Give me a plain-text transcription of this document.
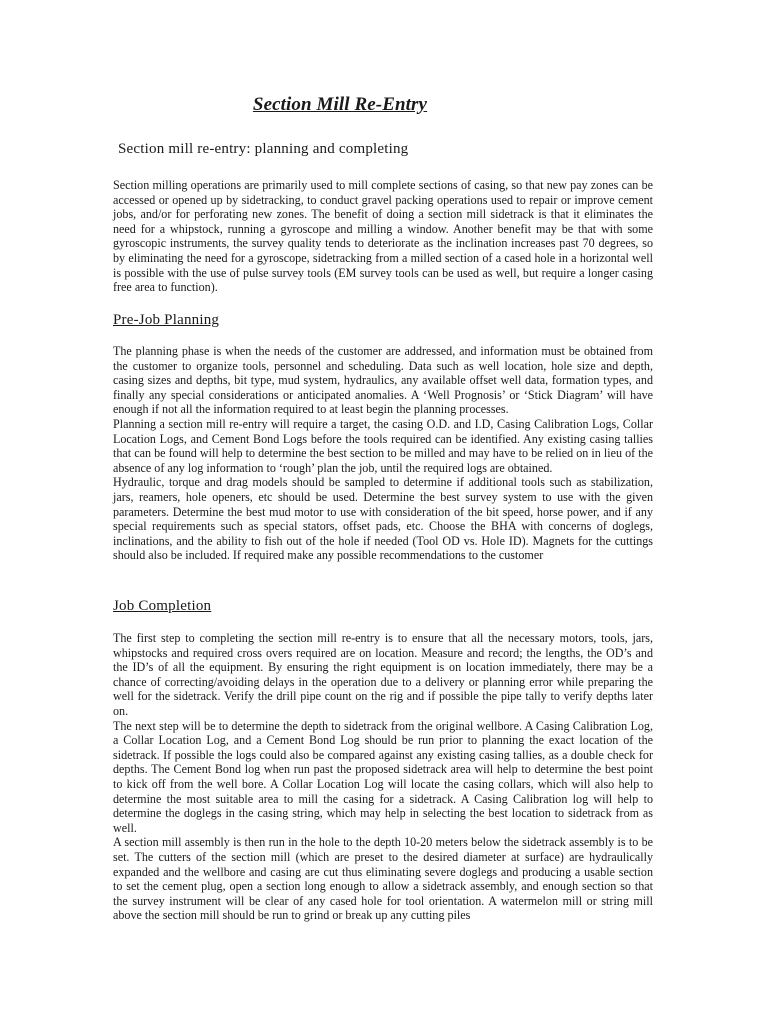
Section Mill Re-Entry
Section mill re-entry: planning and completing

Section milling operations are primarily used to mill complete sections of casing, so that new pay zones can be accessed or opened up by sidetracking, to conduct gravel packing operations used to repair or improve cement jobs, and/or for perforating new zones. The benefit of doing a section mill sidetrack is that it eliminates the need for a whipstock, running a gyroscope and milling a window. Another benefit may be that with some gyroscopic instruments, the survey quality tends to deteriorate as the inclination increases past 70 degrees, so by eliminating the need for a gyroscope, sidetracking from a milled section of a cased hole in a horizontal well is possible with the use of pulse survey tools (EM survey tools can be used as well, but require a longer casing free area to function).

Pre-Job Planning

The planning phase is when the needs of the customer are addressed, and information must be obtained from the customer to organize tools, personnel and scheduling. Data such as well location, hole size and depth, casing sizes and depths, bit type, mud system, hydraulics, any available offset well data, formation types, and finally any special considerations or anticipated anomalies. A ‘Well Prognosis’ or ‘Stick Diagram’ will have enough if not all the information required to at least begin the planning processes.

Planning a section mill re-entry will require a target, the casing O.D. and I.D, Casing Calibration Logs, Collar Location Logs, and Cement Bond Logs before the tools required can be identified. Any existing casing tallies that can be found will help to determine the best section to be milled and may have to be relied on in lieu of the absence of any log information to ‘rough’ plan the job, until the required logs are obtained.

Hydraulic, torque and drag models should be sampled to determine if additional tools such as stabilization, jars, reamers, hole openers, etc should be used. Determine the best survey system to use with the given parameters. Determine the best mud motor to use with consideration of the bit speed, horse power, and if any special requirements such as special stators, offset pads, etc. Choose the BHA with concerns of doglegs, inclinations, and the ability to fish out of the hole if needed (Tool OD vs. Hole ID). Magnets for the cuttings should also be included. If required make any possible recommendations to the customer

Job Completion

The first step to completing the section mill re-entry is to ensure that all the necessary motors, tools, jars, whipstocks and required cross overs required are on location. Measure and record; the lengths, the OD’s and the ID’s of all the equipment. By ensuring the right equipment is on location immediately, there may be a chance of correcting/avoiding delays in the operation due to a delivery or planning error while preparing the well for the sidetrack. Verify the drill pipe count on the rig and if possible the pipe tally to verify depths later on.

The next step will be to determine the depth to sidetrack from the original wellbore. A Casing Calibration Log, a Collar Location Log, and a Cement Bond Log should be run prior to planning the exact location of the sidetrack. If possible the logs could also be compared against any existing casing tallies, as a double check for depths. The Cement Bond log when run past the proposed sidetrack area will help to determine the best point to kick off from the well bore. A Collar Location Log will locate the casing collars, which will also help to determine the most suitable area to mill the casing for a sidetrack. A Casing Calibration log will help to determine the doglegs in the casing string, which may help in selecting the best location to sidetrack from as well.

A section mill assembly is then run in the hole to the depth 10-20 meters below the sidetrack assembly is to be set. The cutters of the section mill (which are preset to the desired diameter at surface) are hydraulically expanded and the wellbore and casing are cut thus eliminating severe doglegs and producing a usable section to set the cement plug, open a section long enough to allow a sidetrack assembly, and enough section so that the survey instrument will be clear of any cased hole for tool orientation. A watermelon mill or string mill above the section mill should be run to grind or break up any cutting piles
